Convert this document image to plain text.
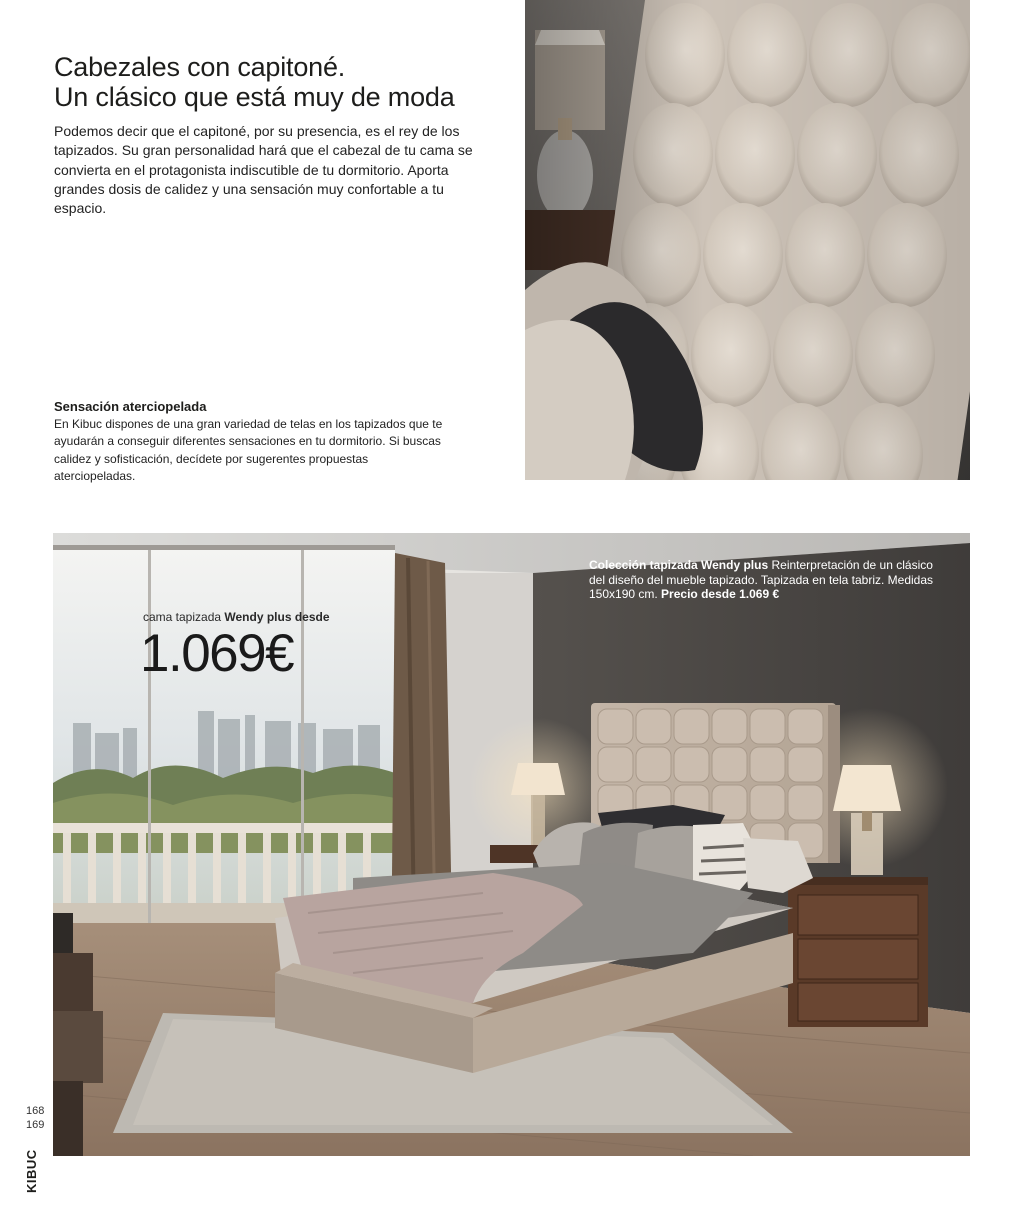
Cabezales con capitoné.
Un clásico que está muy de moda
Podemos decir que el capitoné, por su presencia, es el rey de los tapizados. Su gran personalidad hará que el cabezal de tu cama se convierta en el protagonista indiscutible de tu dormitorio. Aporta grandes dosis de calidez y una sensación muy confortable a tu espacio.
Sensación aterciopelada
En Kibuc dispones de una gran variedad de telas en los tapizados que te ayudarán a conseguir diferentes sensaciones en tu dormitorio. Si buscas calidez y sofisticación, decídete por sugerentes propuestas aterciopeladas.
cama tapizada Wendy plus desde
1.069€
Colección tapizada Wendy plus Reinterpretación de un clásico del diseño del mueble tapizado. Tapizada en tela tabriz. Medidas 150x190 cm. Precio desde 1.069 €
168
169
KIBUC
